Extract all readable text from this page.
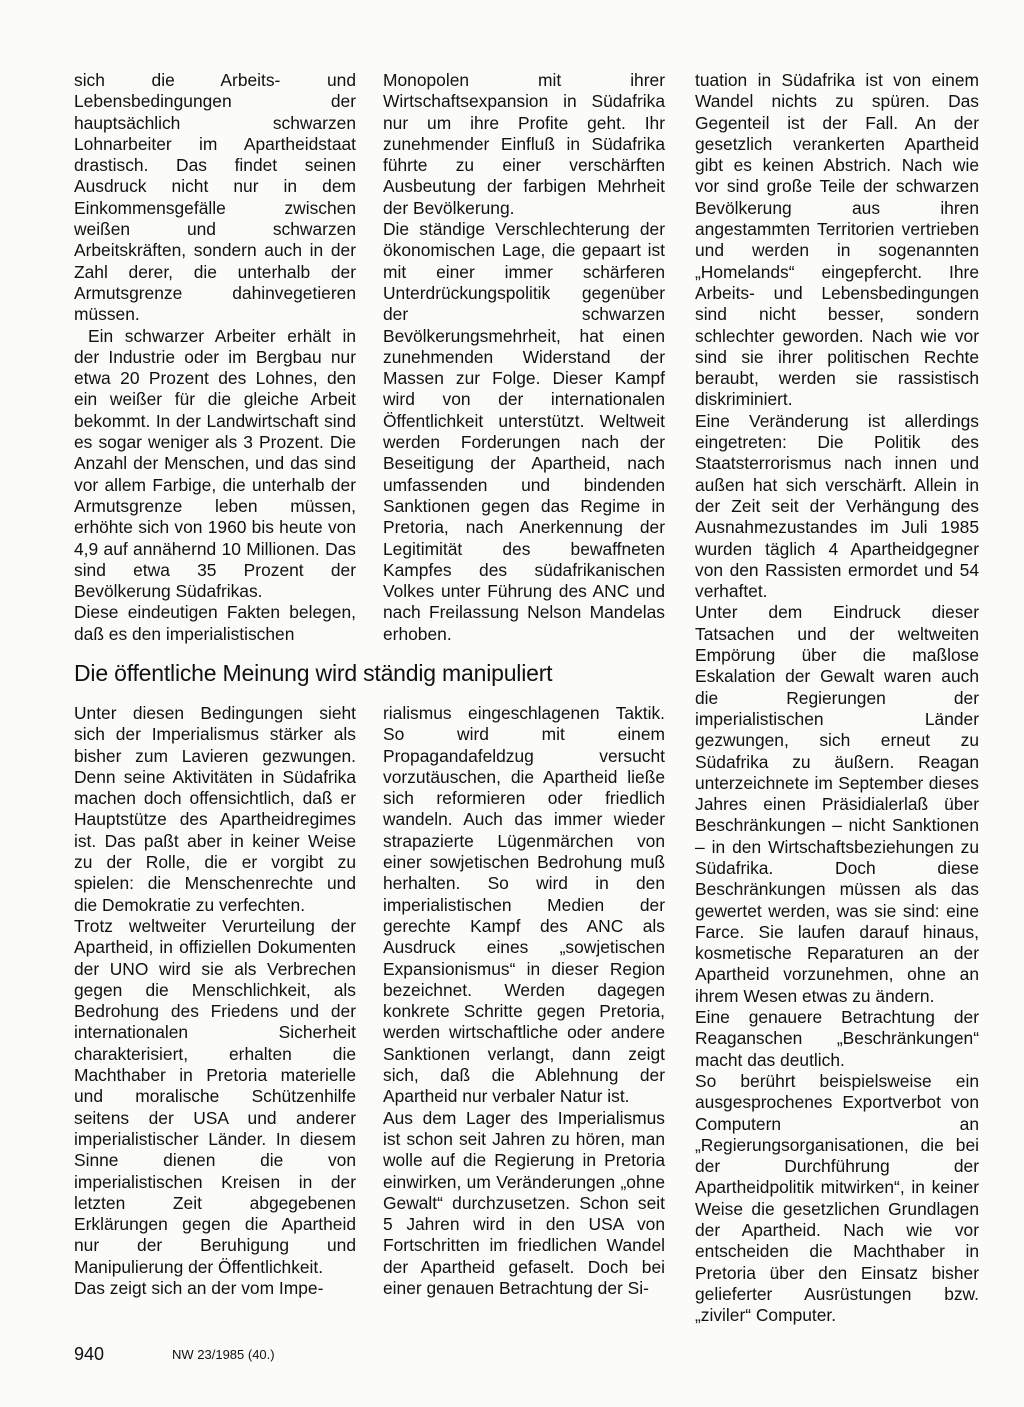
sich die Arbeits- und Lebensbedingungen der hauptsächlich schwarzen Lohnarbeiter im Apartheidstaat drastisch. Das findet seinen Ausdruck nicht nur in dem Einkommensgefälle zwischen weißen und schwarzen Arbeitskräften, sondern auch in der Zahl derer, die unterhalb der Armutsgrenze dahinvegetieren müssen.

Ein schwarzer Arbeiter erhält in der Industrie oder im Bergbau nur etwa 20 Prozent des Lohnes, den ein weißer für die gleiche Arbeit bekommt. In der Landwirtschaft sind es sogar weniger als 3 Prozent. Die Anzahl der Menschen, und das sind vor allem Farbige, die unterhalb der Armutsgrenze leben müssen, erhöhte sich von 1960 bis heute von 4,9 auf annähernd 10 Millionen. Das sind etwa 35 Prozent der Bevölkerung Südafrikas.

Diese eindeutigen Fakten belegen, daß es den imperialistischen

Monopolen mit ihrer Wirtschaftsexpansion in Südafrika nur um ihre Profite geht. Ihr zunehmender Einfluß in Südafrika führte zu einer verschärften Ausbeutung der farbigen Mehrheit der Bevölkerung.

Die ständige Verschlechterung der ökonomischen Lage, die gepaart ist mit einer immer schärferen Unterdrückungspolitik gegenüber der schwarzen Bevölkerungsmehrheit, hat einen zunehmenden Widerstand der Massen zur Folge. Dieser Kampf wird von der internationalen Öffentlichkeit unterstützt. Weltweit werden Forderungen nach der Beseitigung der Apartheid, nach umfassenden und bindenden Sanktionen gegen das Regime in Pretoria, nach Anerkennung der Legitimität des bewaffneten Kampfes des südafrikanischen Volkes unter Führung des ANC und nach Freilassung Nelson Mandelas erhoben.

tuation in Südafrika ist von einem Wandel nichts zu spüren. Das Gegenteil ist der Fall. An der gesetzlich verankerten Apartheid gibt es keinen Abstrich. Nach wie vor sind große Teile der schwarzen Bevölkerung aus ihren angestammten Territorien vertrieben und werden in sogenannten „Homelands“ eingepfercht. Ihre Arbeits- und Lebensbedingungen sind nicht besser, sondern schlechter geworden. Nach wie vor sind sie ihrer politischen Rechte beraubt, werden sie rassistisch diskriminiert.

Eine Veränderung ist allerdings eingetreten: Die Politik des Staatsterrorismus nach innen und außen hat sich verschärft. Allein in der Zeit seit der Verhängung des Ausnahmezustandes im Juli 1985 wurden täglich 4 Apartheidgegner von den Rassisten ermordet und 54 verhaftet.

Unter dem Eindruck dieser Tatsachen und der weltweiten Empörung über die maßlose Eskalation der Gewalt waren auch die Regierungen der imperialistischen Länder gezwungen, sich erneut zu Südafrika zu äußern. Reagan unterzeichnete im September dieses Jahres einen Präsidialerlaß über Beschränkungen – nicht Sanktionen – in den Wirtschaftsbeziehungen zu Südafrika. Doch diese Beschränkungen müssen als das gewertet werden, was sie sind: eine Farce. Sie laufen darauf hinaus, kosmetische Reparaturen an der Apartheid vorzunehmen, ohne an ihrem Wesen etwas zu ändern.

Eine genauere Betrachtung der Reaganschen „Beschränkungen“ macht das deutlich.

So berührt beispielsweise ein ausgesprochenes Exportverbot von Computern an „Regierungsorganisationen, die bei der Durchführung der Apartheidpolitik mitwirken“, in keiner Weise die gesetzlichen Grundlagen der Apartheid. Nach wie vor entscheiden die Machthaber in Pretoria über den Einsatz bisher gelieferter Ausrüstungen bzw. „ziviler“ Computer.

Die öffentliche Meinung wird ständig manipuliert

Unter diesen Bedingungen sieht sich der Imperialismus stärker als bisher zum Lavieren gezwungen. Denn seine Aktivitäten in Südafrika machen doch offensichtlich, daß er Hauptstütze des Apartheidregimes ist. Das paßt aber in keiner Weise zu der Rolle, die er vorgibt zu spielen: die Menschenrechte und die Demokratie zu verfechten.

Trotz weltweiter Verurteilung der Apartheid, in offiziellen Dokumenten der UNO wird sie als Verbrechen gegen die Menschlichkeit, als Bedrohung des Friedens und der internationalen Sicherheit charakterisiert, erhalten die Machthaber in Pretoria materielle und moralische Schützenhilfe seitens der USA und anderer imperialistischer Länder. In diesem Sinne dienen die von imperialistischen Kreisen in der letzten Zeit abgegebenen Erklärungen gegen die Apartheid nur der Beruhigung und Manipulierung der Öffentlichkeit.

Das zeigt sich an der vom Impe-

rialismus eingeschlagenen Taktik. So wird mit einem Propagandafeldzug versucht vorzutäuschen, die Apartheid ließe sich reformieren oder friedlich wandeln. Auch das immer wieder strapazierte Lügenmärchen von einer sowjetischen Bedrohung muß herhalten. So wird in den imperialistischen Medien der gerechte Kampf des ANC als Ausdruck eines „sowjetischen Expansionismus“ in dieser Region bezeichnet. Werden dagegen konkrete Schritte gegen Pretoria, werden wirtschaftliche oder andere Sanktionen verlangt, dann zeigt sich, daß die Ablehnung der Apartheid nur verbaler Natur ist.

Aus dem Lager des Imperialismus ist schon seit Jahren zu hören, man wolle auf die Regierung in Pretoria einwirken, um Veränderungen „ohne Gewalt“ durchzusetzen. Schon seit 5 Jahren wird in den USA von Fortschritten im friedlichen Wandel der Apartheid gefaselt. Doch bei einer genauen Betrachtung der Si-

940	NW 23/1985 (40.)
